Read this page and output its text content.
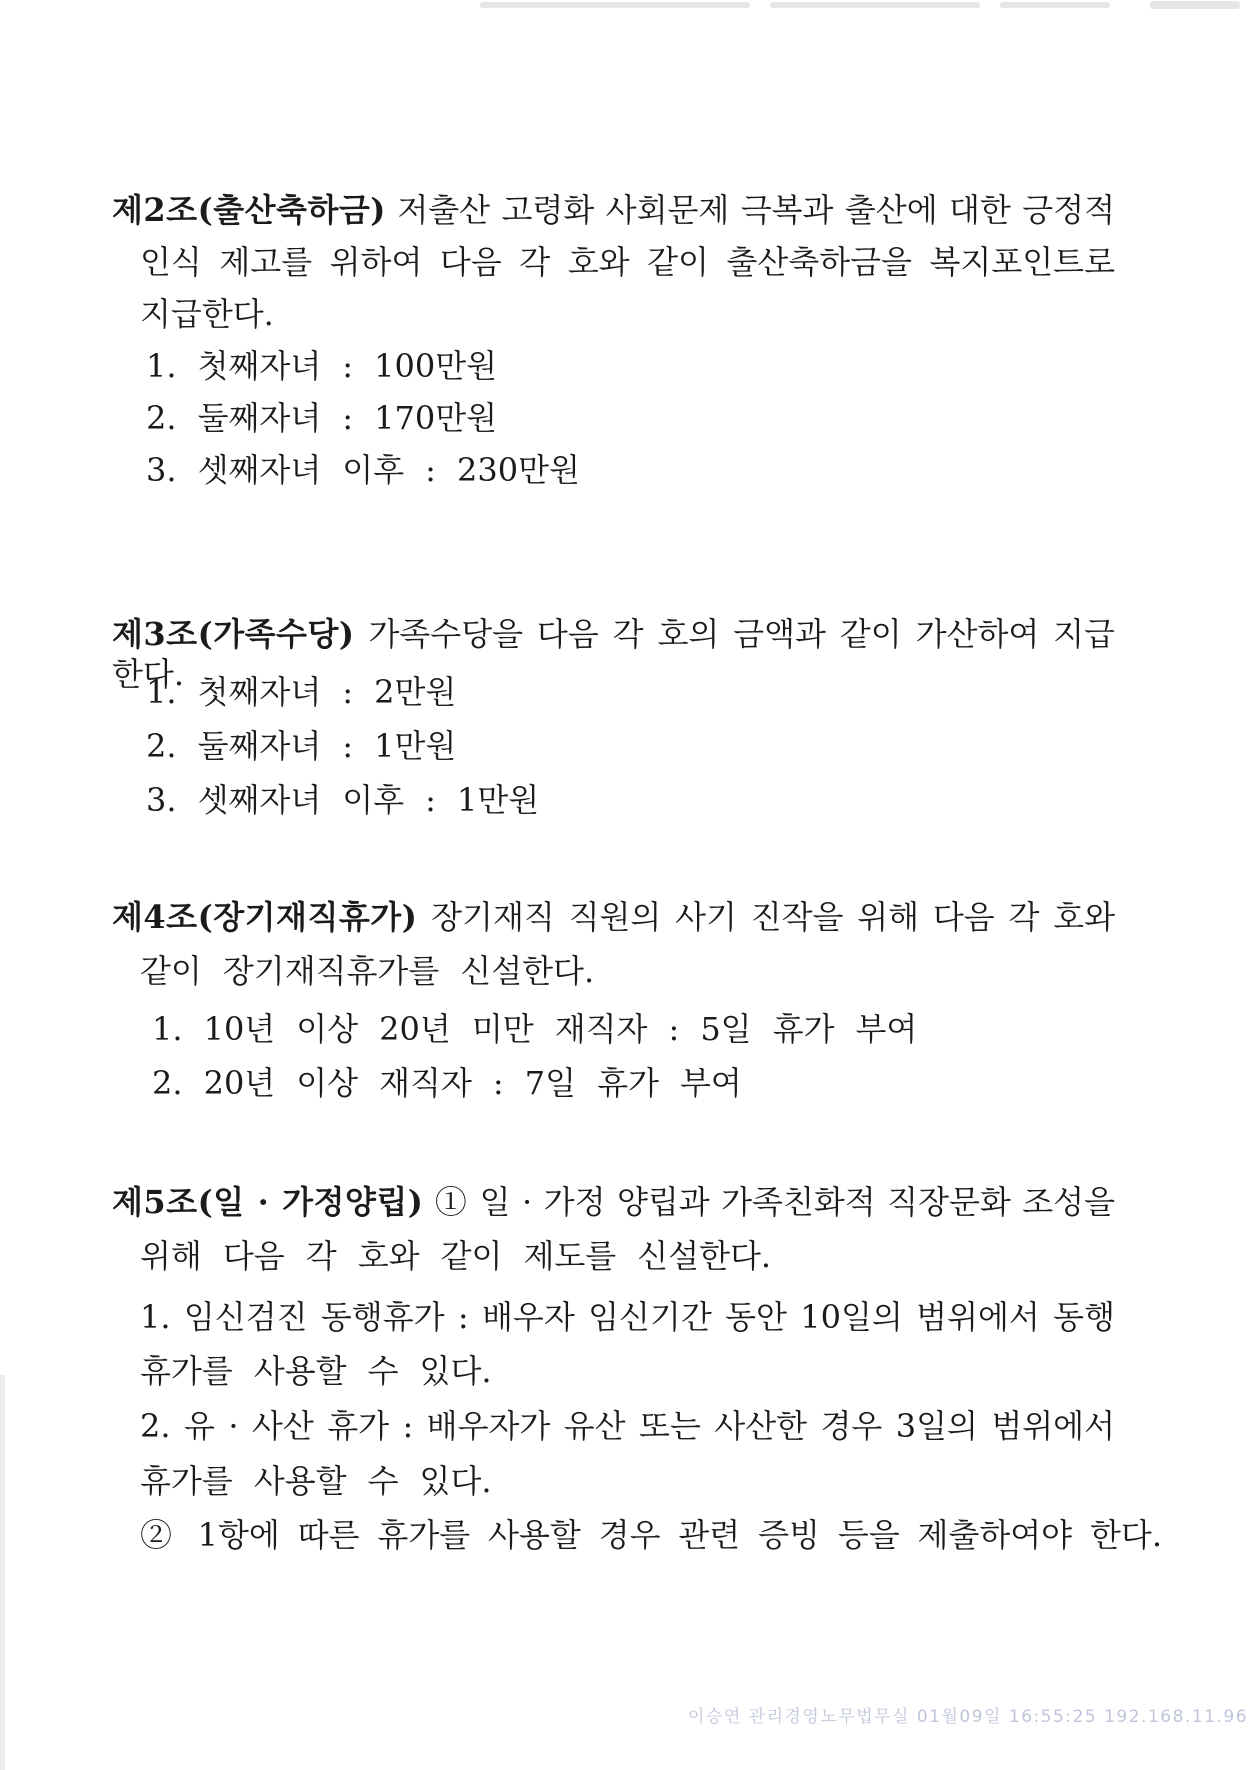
제2조(출산축하금) 저출산 고령화 사회문제 극복과 출산에 대한 긍정적
인식 제고를 위하여 다음 각 호와 같이 출산축하금을 복지포인트로
지급한다.
1. 첫째자녀 : 100만원
2. 둘째자녀 : 170만원
3. 셋째자녀 이후 : 230만원
제3조(가족수당) 가족수당을 다음 각 호의 금액과 같이 가산하여 지급한다.
1. 첫째자녀 : 2만원
2. 둘째자녀 : 1만원
3. 셋째자녀 이후 : 1만원
제4조(장기재직휴가) 장기재직 직원의 사기 진작을 위해 다음 각 호와
같이 장기재직휴가를 신설한다.
1. 10년 이상 20년 미만 재직자 : 5일 휴가 부여
2. 20년 이상 재직자 : 7일 휴가 부여
제5조(일 · 가정양립) ① 일 · 가정 양립과 가족친화적 직장문화 조성을
위해 다음 각 호와 같이 제도를 신설한다.
1. 임신검진 동행휴가 : 배우자 임신기간 동안 10일의 범위에서 동행
휴가를 사용할 수 있다.
2. 유 · 사산 휴가 : 배우자가 유산 또는 사산한 경우 3일의 범위에서
휴가를 사용할 수 있다.
② 1항에 따른 휴가를 사용할 경우 관련 증빙 등을 제출하여야 한다.
이승연 관리경영노무법무실 01월09일 16:55:25 192.168.11.96
